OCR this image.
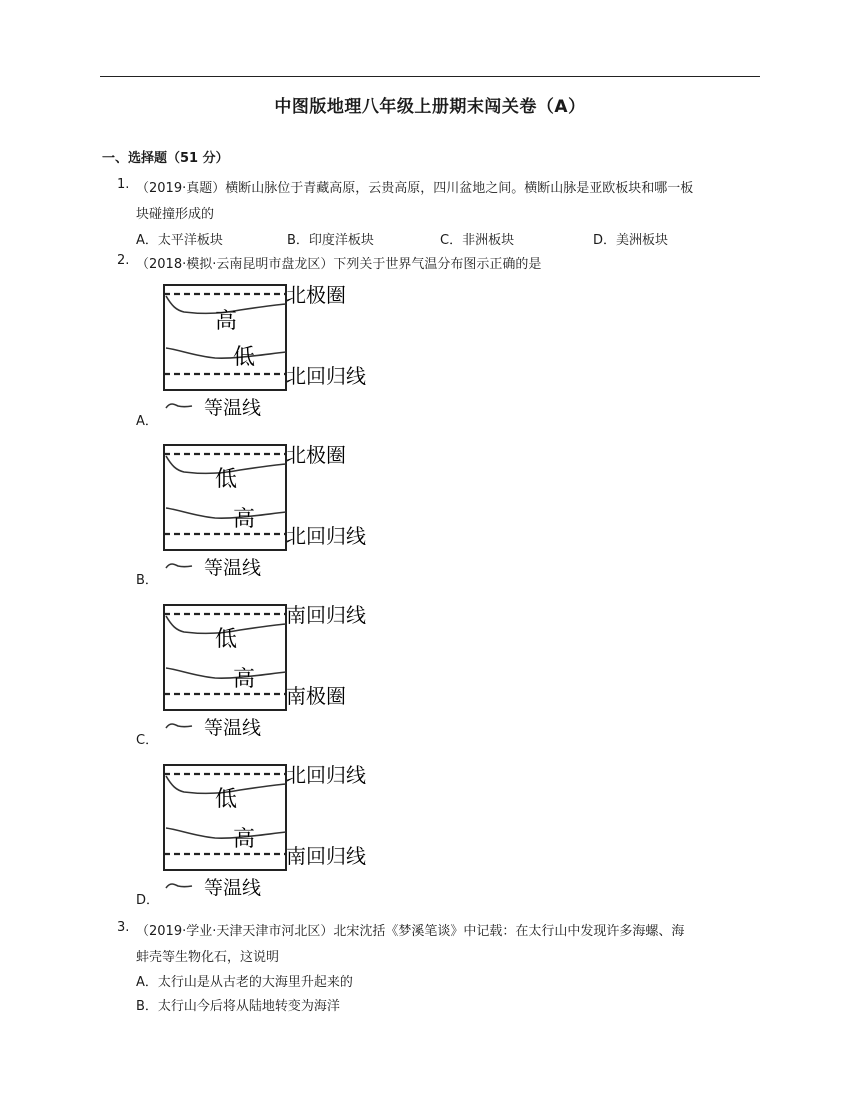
中图版地理八年级上册期末闯关卷（A）
一、选择题（51 分）
1. （2019·真题）横断山脉位于青藏高原，云贵高原，四川盆地之间。横断山脉是亚欧板块和哪一板
块碰撞形成的
A．太平洋板块	B．印度洋板块	C．非洲板块	D．美洲板块
2. （2018·模拟·云南昆明市盘龙区）下列关于世界气温分布图示正确的是
高
低
北极圈
北回归线
等温线
A．
低
高
北极圈
北回归线
等温线
B．
低
高
南回归线
南极圈
等温线
C．
低
高
北回归线
南回归线
等温线
D．
3. （2019·学业·天津天津市河北区）北宋沈括《梦溪笔谈》中记载：在太行山中发现许多海螺、海
蚌壳等生物化石，这说明
A．太行山是从古老的大海里升起来的
B．太行山今后将从陆地转变为海洋
